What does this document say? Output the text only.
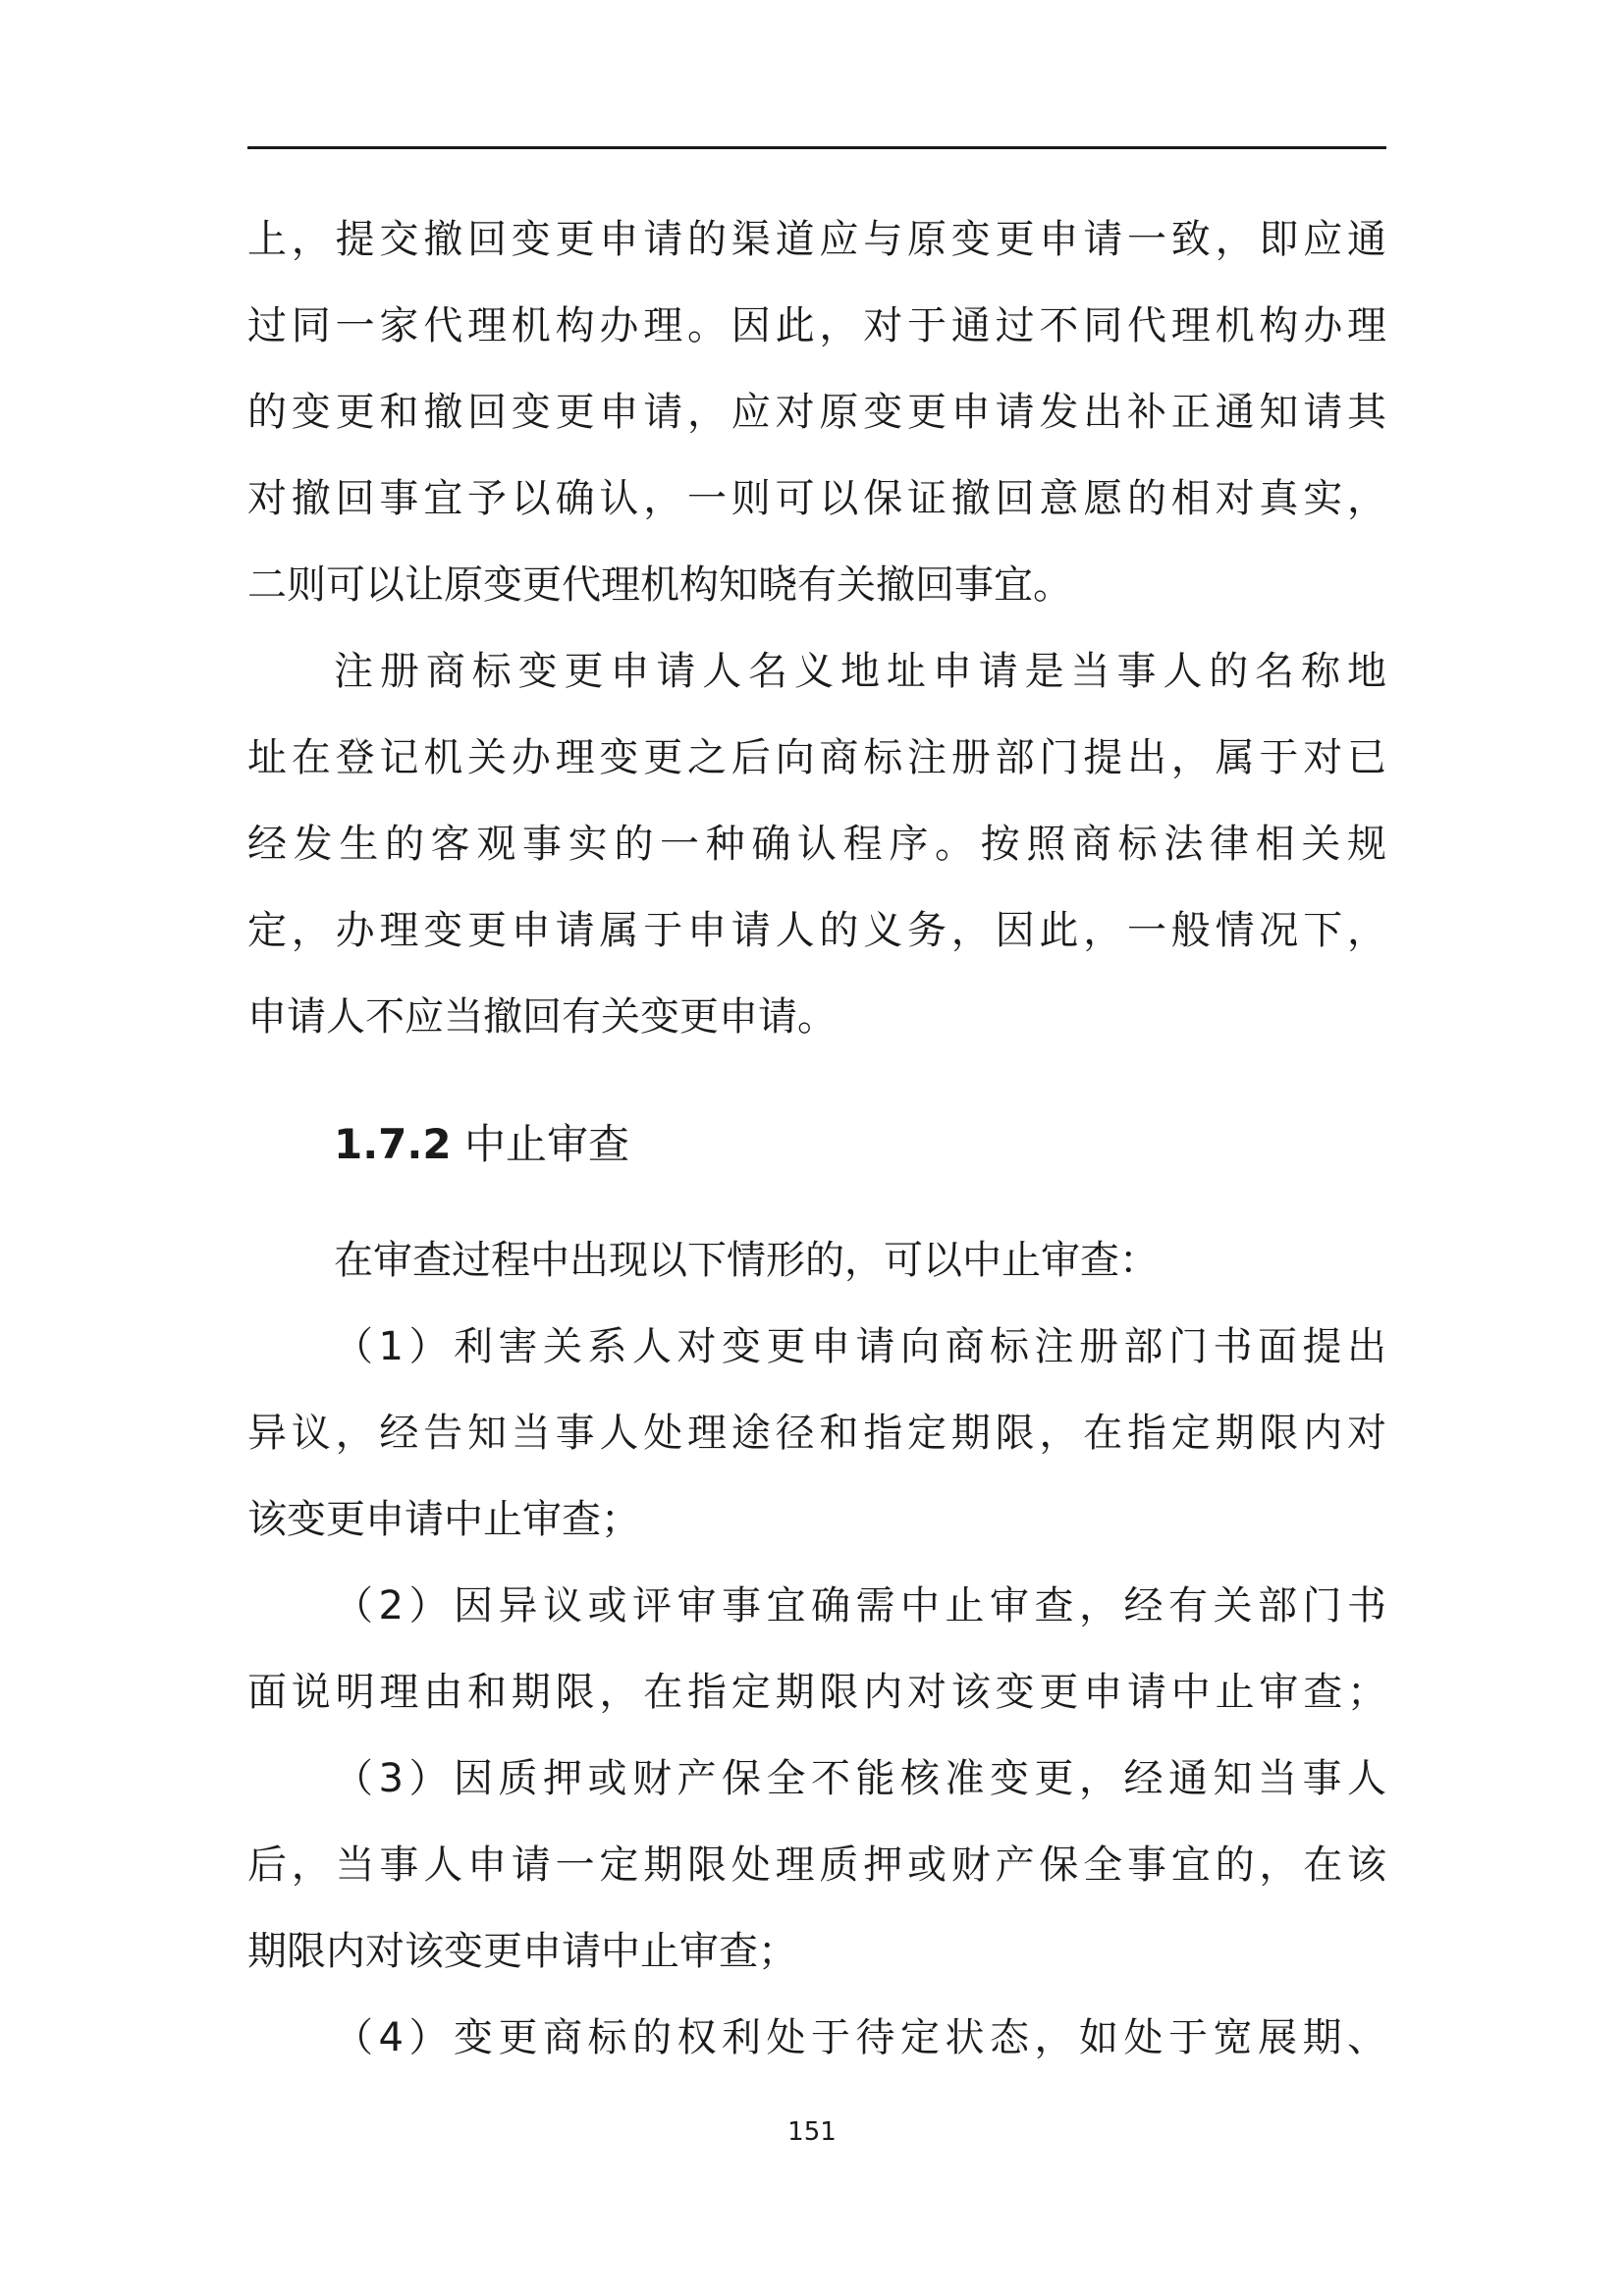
上，提交撤回变更申请的渠道应与原变更申请一致，即应通
过同一家代理机构办理。因此，对于通过不同代理机构办理
的变更和撤回变更申请，应对原变更申请发出补正通知请其
对撤回事宜予以确认，一则可以保证撤回意愿的相对真实，
二则可以让原变更代理机构知晓有关撤回事宜。
注册商标变更申请人名义地址申请是当事人的名称地
址在登记机关办理变更之后向商标注册部门提出，属于对已
经发生的客观事实的一种确认程序。按照商标法律相关规
定，办理变更申请属于申请人的义务，因此，一般情况下，
申请人不应当撤回有关变更申请。
1.7.2 中止审查
在审查过程中出现以下情形的，可以中止审查：
（1）利害关系人对变更申请向商标注册部门书面提出
异议，经告知当事人处理途径和指定期限，在指定期限内对
该变更申请中止审查；
（2）因异议或评审事宜确需中止审查，经有关部门书
面说明理由和期限，在指定期限内对该变更申请中止审查；
（3）因质押或财产保全不能核准变更，经通知当事人
后，当事人申请一定期限处理质押或财产保全事宜的，在该
期限内对该变更申请中止审查；
（4）变更商标的权利处于待定状态，如处于宽展期、
151
